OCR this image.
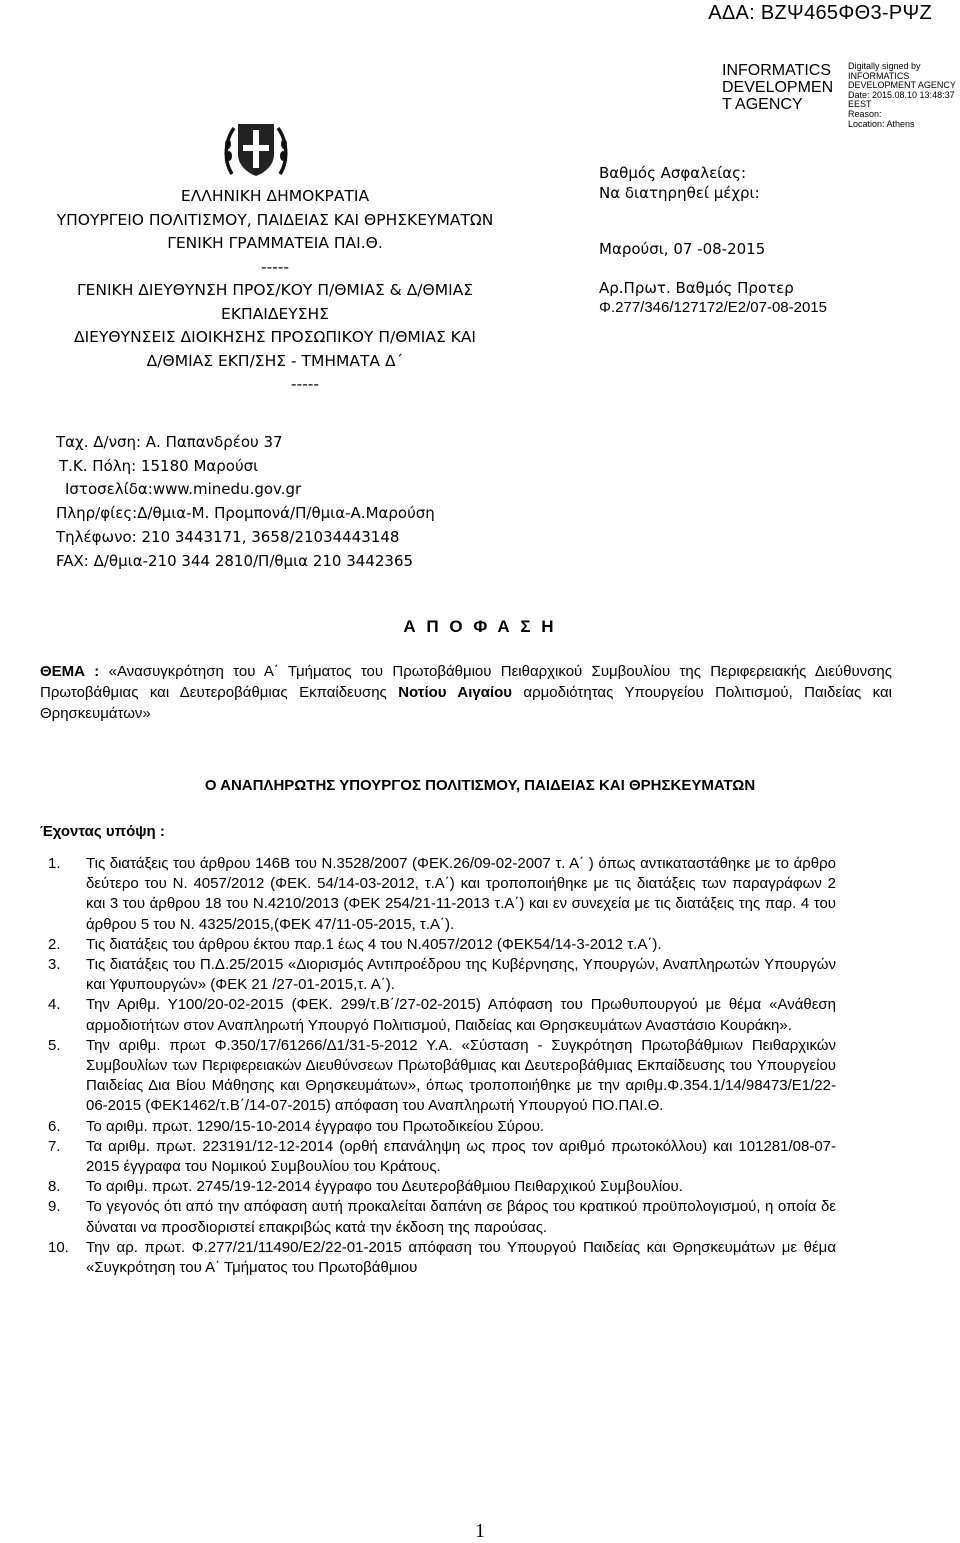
ΑΔΑ: ΒΖΨ465ΦΘ3-ΡΨΖ
INFORMATICS
DEVELOPMEN
T AGENCY
Digitally signed by
INFORMATICS
DEVELOPMENT AGENCY
Date: 2015.08.10 13:48:37
EEST
Reason:
Location: Athens
ΕΛΛΗΝΙΚΗ ΔΗΜΟΚΡΑΤΙΑ
ΥΠΟΥΡΓΕΙΟ ΠΟΛΙΤΙΣΜΟΥ, ΠΑΙΔΕΙΑΣ ΚΑΙ ΘΡΗΣΚΕΥΜΑΤΩΝ
ΓΕΝΙΚΗ ΓΡΑΜΜΑΤΕΙΑ ΠΑΙ.Θ.
-----
ΓΕΝΙΚΗ ΔΙΕΥΘΥΝΣΗ ΠΡΟΣ/ΚΟΥ Π/ΘΜΙΑΣ & Δ/ΘΜΙΑΣ
ΕΚΠΑΙΔΕΥΣΗΣ
ΔΙΕΥΘΥΝΣΕΙΣ ΔΙΟΙΚΗΣΗΣ ΠΡΟΣΩΠΙΚΟΥ Π/ΘΜΙΑΣ ΚΑΙ
Δ/ΘΜΙΑΣ ΕΚΠ/ΣΗΣ - ΤΜΗΜΑΤΑ Δ΄
-----
Ταχ. Δ/νση: Α. Παπανδρέου 37
Τ.Κ. Πόλη: 15180 Μαρούσι
Ιστοσελίδα:www.minedu.gov.gr
Πληρ/φίες:Δ/θμια-Μ. Προμπονά/Π/θμια-Α.Μαρούση
Τηλέφωνο: 210 3443171, 3658/21034443148
FAX: Δ/θμια-210 344 2810/Π/θμια 210 3442365
Βαθμός Ασφαλείας:
Να διατηρηθεί μέχρι:
Μαρούσι, 07 -08-2015
Αρ.Πρωτ. Βαθμός Προτερ
Φ.277/346/127172/Ε2/07-08-2015
Α Π Ο Φ Α Σ Η
ΘΕΜΑ : «Ανασυγκρότηση του Α΄ Τμήματος του Πρωτοβάθμιου Πειθαρχικού Συμβουλίου της Περιφερειακής Διεύθυνσης Πρωτοβάθμιας και Δευτεροβάθμιας Εκπαίδευσης Νοτίου Αιγαίου αρμοδιότητας Υπουργείου Πολιτισμού, Παιδείας και Θρησκευμάτων»
Ο ΑΝΑΠΛΗΡΩΤΗΣ ΥΠΟΥΡΓΟΣ ΠΟΛΙΤΙΣΜΟΥ, ΠΑΙΔΕΙΑΣ ΚΑΙ ΘΡΗΣΚΕΥΜΑΤΩΝ
Έχοντας υπόψη :
1. Τις διατάξεις του άρθρου 146Β του Ν.3528/2007 (ΦΕΚ.26/09-02-2007 τ. Α΄ ) όπως αντικαταστάθηκε με το άρθρο δεύτερο του Ν. 4057/2012 (ΦΕΚ. 54/14-03-2012, τ.Α΄) και τροποποιήθηκε με τις διατάξεις των παραγράφων 2 και 3 του άρθρου 18 του Ν.4210/2013 (ΦΕΚ 254/21-11-2013 τ.Α΄) και εν συνεχεία με τις διατάξεις της παρ. 4 του άρθρου 5 του Ν. 4325/2015,(ΦΕΚ 47/11-05-2015, τ.Α΄).
2. Τις διατάξεις του άρθρου έκτου παρ.1 έως 4 του Ν.4057/2012 (ΦΕΚ54/14-3-2012 τ.Α΄).
3. Τις διατάξεις του Π.Δ.25/2015 «Διορισμός Αντιπροέδρου της Κυβέρνησης, Υπουργών, Αναπληρωτών Υπουργών και Υφυπουργών» (ΦΕΚ 21 /27-01-2015,τ. Α΄).
4. Την Αριθμ. Υ100/20-02-2015 (ΦΕΚ. 299/τ.Β΄/27-02-2015) Απόφαση του Πρωθυπουργού με θέμα «Ανάθεση αρμοδιοτήτων στον Αναπληρωτή Υπουργό Πολιτισμού, Παιδείας και Θρησκευμάτων Αναστάσιο Κουράκη».
5. Την αριθμ. πρωτ Φ.350/17/61266/Δ1/31-5-2012 Υ.Α. «Σύσταση - Συγκρότηση Πρωτοβάθμιων Πειθαρχικών Συμβουλίων των Περιφερειακών Διευθύνσεων Πρωτοβάθμιας και Δευτεροβάθμιας Εκπαίδευσης του Υπουργείου Παιδείας Δια Βίου Μάθησης και Θρησκευμάτων», όπως τροποποιήθηκε με την αριθμ.Φ.354.1/14/98473/Ε1/22-06-2015 (ΦΕΚ1462/τ.Β΄/14-07-2015) απόφαση του Αναπληρωτή Υπουργού ΠΟ.ΠΑΙ.Θ.
6. Το αριθμ. πρωτ. 1290/15-10-2014 έγγραφο του Πρωτοδικείου Σύρου.
7. Τα αριθμ. πρωτ. 223191/12-12-2014 (ορθή επανάληψη ως προς τον αριθμό πρωτοκόλλου) και 101281/08-07-2015 έγγραφα του Νομικού Συμβουλίου του Κράτους.
8. Το αριθμ. πρωτ. 2745/19-12-2014 έγγραφο του Δευτεροβάθμιου Πειθαρχικού Συμβουλίου.
9. Το γεγονός ότι από την απόφαση αυτή προκαλείται δαπάνη σε βάρος του κρατικού προϋπολογισμού, η οποία δε δύναται να προσδιοριστεί επακριβώς κατά την έκδοση της παρούσας.
10. Την αρ. πρωτ. Φ.277/21/11490/Ε2/22-01-2015 απόφαση του Υπουργού Παιδείας και Θρησκευμάτων με θέμα «Συγκρότηση του Α΄ Τμήματος του Πρωτοβάθμιου
1
